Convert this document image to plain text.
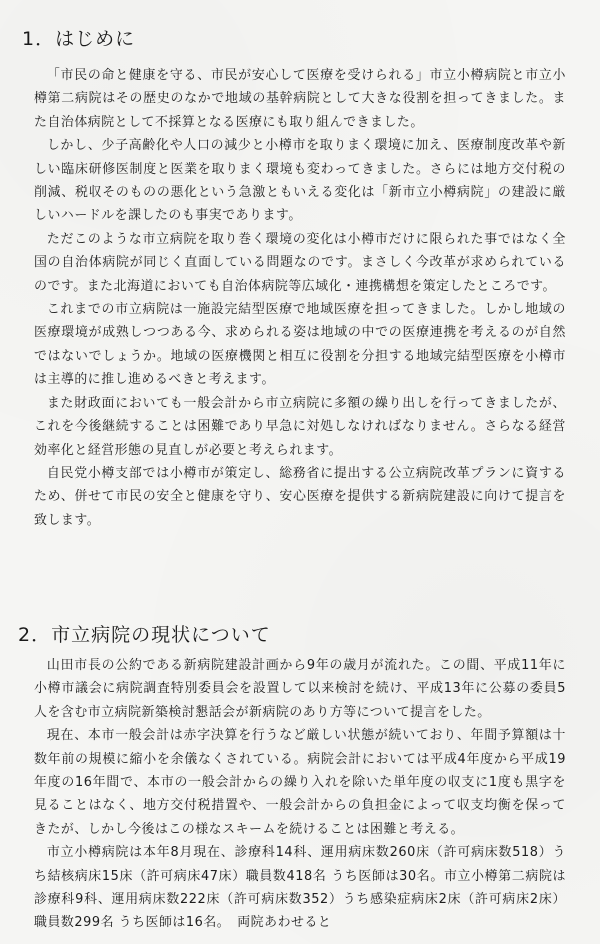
1．はじめに

「市民の命と健康を守る、市民が安心して医療を受けられる」市立小樽病院と市立小樽第二病院はその歴史のなかで地域の基幹病院として大きな役割を担ってきました。また自治体病院として不採算となる医療にも取り組んできました。

しかし、少子高齢化や人口の減少と小樽市を取りまく環境に加え、医療制度改革や新しい臨床研修医制度と医業を取りまく環境も変わってきました。さらには地方交付税の削減、税収そのものの悪化という急激ともいえる変化は「新市立小樽病院」の建設に厳しいハードルを課したのも事実であります。

ただこのような市立病院を取り巻く環境の変化は小樽市だけに限られた事ではなく全国の自治体病院が同じく直面している問題なのです。まさしく今改革が求められているのです。また北海道においても自治体病院等広域化・連携構想を策定したところです。

これまでの市立病院は一施設完結型医療で地域医療を担ってきました。しかし地域の医療環境が成熟しつつある今、求められる姿は地域の中での医療連携を考えるのが自然ではないでしょうか。地域の医療機関と相互に役割を分担する地域完結型医療を小樽市は主導的に推し進めるべきと考えます。

また財政面においても一般会計から市立病院に多額の繰り出しを行ってきましたが、これを今後継続することは困難であり早急に対処しなければなりません。さらなる経営効率化と経営形態の見直しが必要と考えられます。

自民党小樽支部では小樽市が策定し、総務省に提出する公立病院改革プランに資するため、併せて市民の安全と健康を守り、安心医療を提供する新病院建設に向けて提言を致します。

2．市立病院の現状について

山田市長の公約である新病院建設計画から9年の歳月が流れた。この間、平成11年に小樽市議会に病院調査特別委員会を設置して以来検討を続け、平成13年に公募の委員5人を含む市立病院新築検討懇話会が新病院のあり方等について提言をした。

現在、本市一般会計は赤字決算を行うなど厳しい状態が続いており、年間予算額は十数年前の規模に縮小を余儀なくされている。病院会計においては平成4年度から平成19年度の16年間で、本市の一般会計からの繰り入れを除いた単年度の収支に1度も黒字を見ることはなく、地方交付税措置や、一般会計からの負担金によって収支均衡を保ってきたが、しかし今後はこの様なスキームを続けることは困難と考える。

市立小樽病院は本年8月現在、診療科14科、運用病床数260床（許可病床数518）うち結核病床15床（許可病床47床）職員数418名 うち医師は30名。市立小樽第二病院は診療科9科、運用病床数222床（許可病床数352）うち感染症病床2床（許可病床2床）職員数299名 うち医師は16名。　両院あわせると
